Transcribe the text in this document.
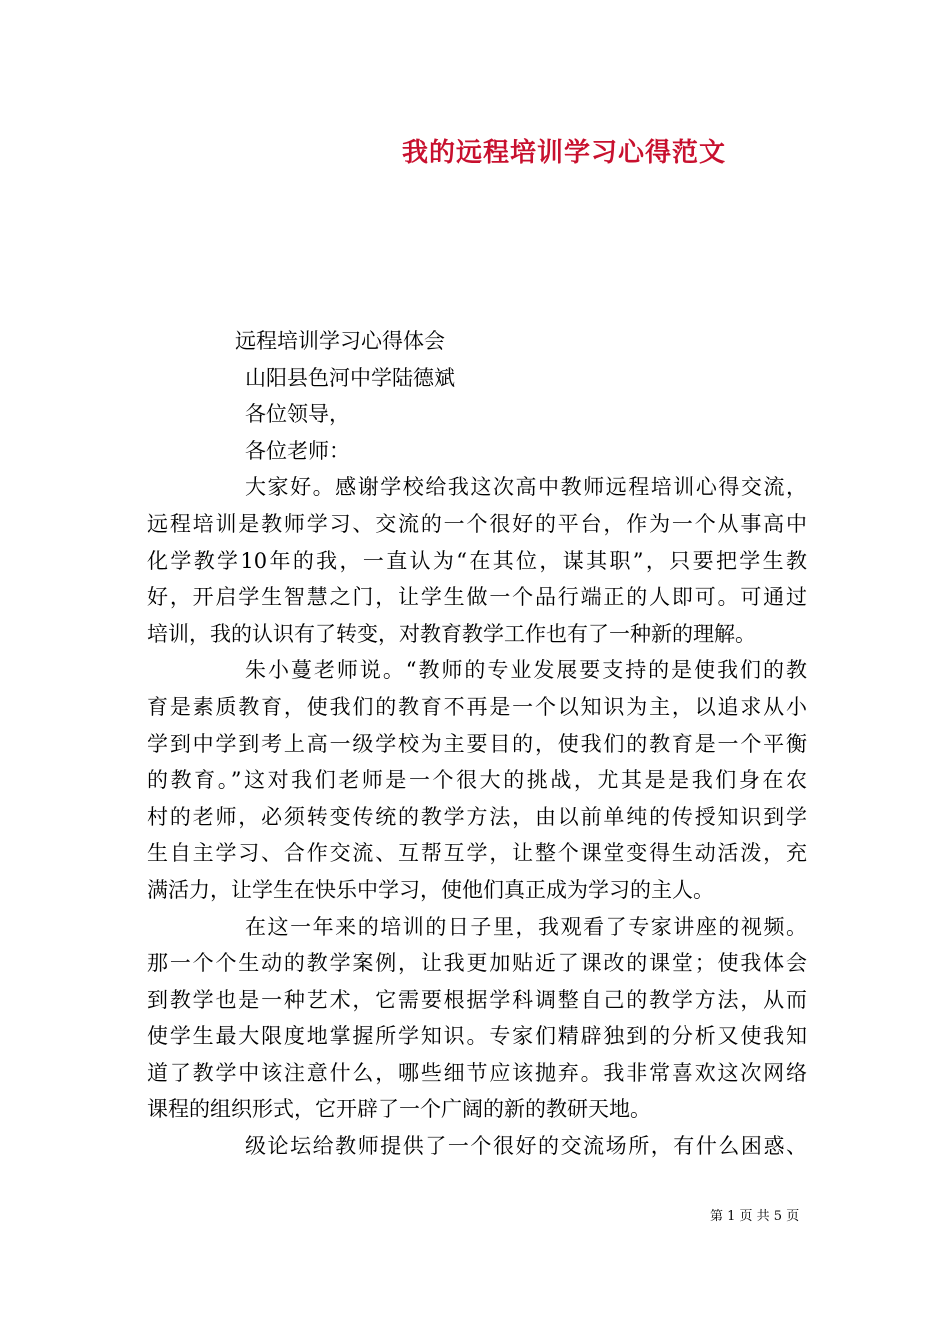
我的远程培训学习心得范文
远程培训学习心得体会
山阳县色河中学陆德斌
各位领导，
各位老师：
大家好。感谢学校给我这次高中教师远程培训心得交流，
远程培训是教师学习、交流的一个很好的平台，作为一个从事高中
化学教学10年的我，一直认为“在其位，谋其职”，只要把学生教
好，开启学生智慧之门，让学生做一个品行端正的人即可。可通过
培训，我的认识有了转变，对教育教学工作也有了一种新的理解。
朱小蔓老师说。“教师的专业发展要支持的是使我们的教
育是素质教育，使我们的教育不再是一个以知识为主，以追求从小
学到中学到考上高一级学校为主要目的，使我们的教育是一个平衡
的教育。”这对我们老师是一个很大的挑战，尤其是是我们身在农
村的老师，必须转变传统的教学方法，由以前单纯的传授知识到学
生自主学习、合作交流、互帮互学，让整个课堂变得生动活泼，充
满活力，让学生在快乐中学习，使他们真正成为学习的主人。
在这一年来的培训的日子里，我观看了专家讲座的视频。
那一个个生动的教学案例，让我更加贴近了课改的课堂；使我体会
到教学也是一种艺术，它需要根据学科调整自己的教学方法，从而
使学生最大限度地掌握所学知识。专家们精辟独到的分析又使我知
道了教学中该注意什么，哪些细节应该抛弃。我非常喜欢这次网络
课程的组织形式，它开辟了一个广阔的新的教研天地。
级论坛给教师提供了一个很好的交流场所，有什么困惑、
第 1 页 共 5 页
